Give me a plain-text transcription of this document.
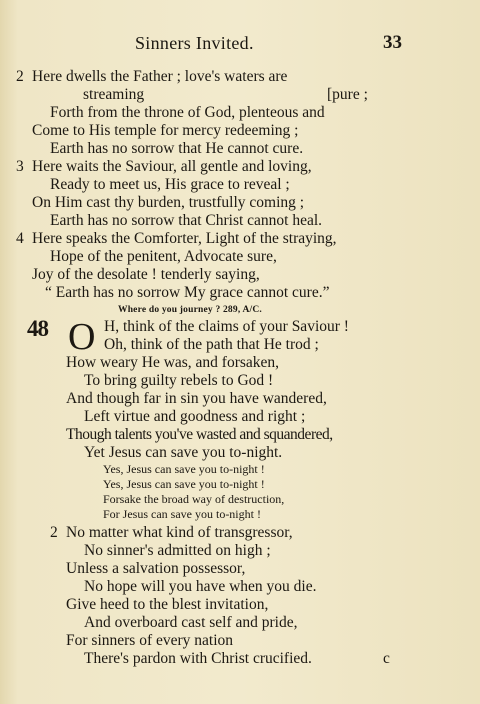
Sinners Invited.	33
2 Here dwells the Father ; love's waters are
streaming	[pure ;
Forth from the throne of God, plenteous and
Come to His temple for mercy redeeming ;
Earth has no sorrow that He cannot cure.
3 Here waits the Saviour, all gentle and loving,
Ready to meet us, His grace to reveal ;
On Him cast thy burden, trustfully coming ;
Earth has no sorrow that Christ cannot heal.
4 Here speaks the Comforter, Light of the straying,
Hope of the penitent, Advocate sure,
Joy of the desolate ! tenderly saying,
“ Earth has no sorrow My grace cannot cure.”
Where do you journey ? 289, A/C.
48 O H, think of the claims of your Saviour !
Oh, think of the path that He trod ;
How weary He was, and forsaken,
To bring guilty rebels to God !
And though far in sin you have wandered,
Left virtue and goodness and right ;
Though talents you've wasted and squandered,
Yet Jesus can save you to-night.
Yes, Jesus can save you to-night !
Yes, Jesus can save you to-night !
Forsake the broad way of destruction,
For Jesus can save you to-night !
2 No matter what kind of transgressor,
No sinner's admitted on high ;
Unless a salvation possessor,
No hope will you have when you die.
Give heed to the blest invitation,
And overboard cast self and pride,
For sinners of every nation
There's pardon with Christ crucified.	c
